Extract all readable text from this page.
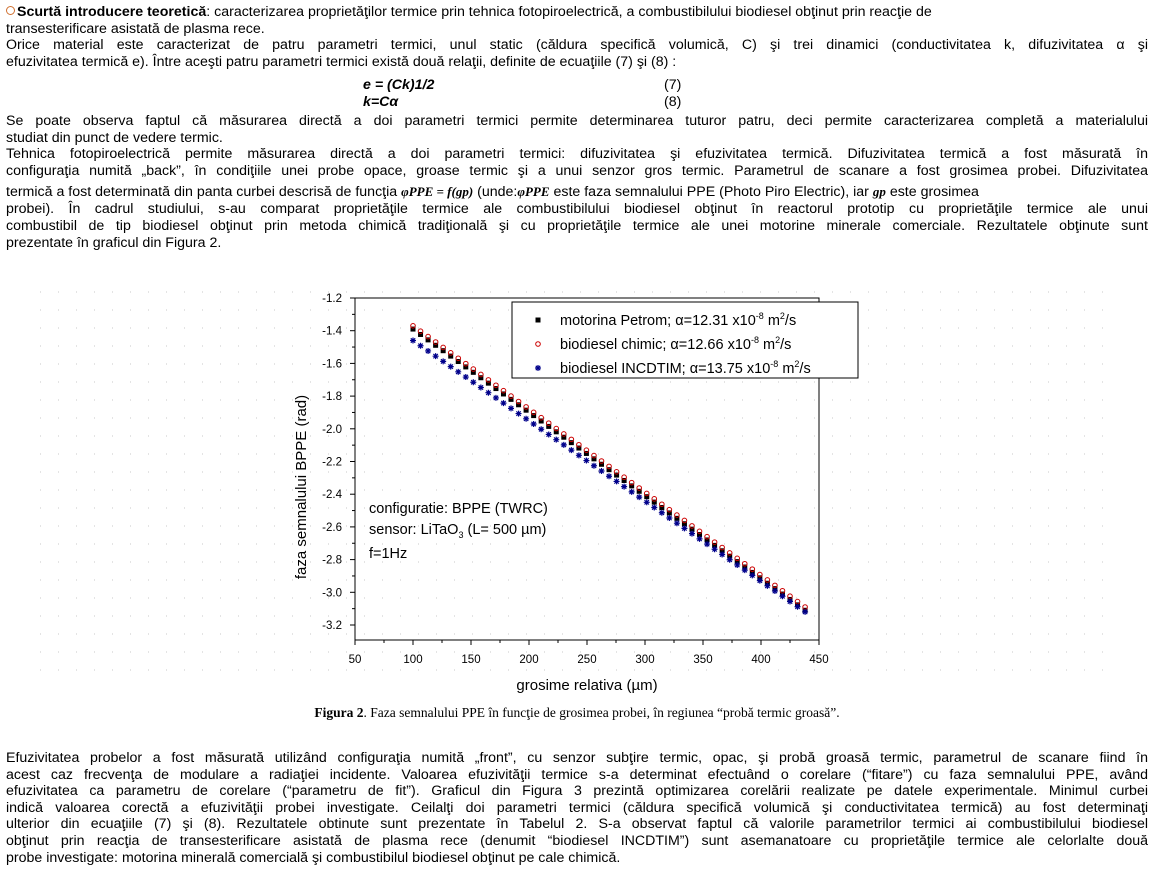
Scurtă introducere teoretică: caracterizarea proprietăţilor termice prin tehnica fotopiroelectrică, a combustibilului biodiesel obţinut prin reacţie de
transesterificare asistată de plasma rece.
Orice material este caracterizat de patru parametri termici, unul static (căldura specifică volumică, C) şi trei dinamici (conductivitatea k, difuzivitatea α şi
efuzivitatea termică e). Între aceşti patru parametri termici există două relaţii, definite de ecuaţiile (7) şi (8) :
e = (Ck)1/2	(7)
k=Cα	(8)
Se poate observa faptul că măsurarea directă a doi parametri termici permite determinarea tuturor patru, deci permite caracterizarea completă a materialului
studiat din punct de vedere termic.
Tehnica fotopiroelectrică permite măsurarea directă a doi parametri termici: difuzivitatea şi efuzivitatea termică. Difuzivitatea termică a fost măsurată în
configuraţia numită „back”, în condiţiile unei probe opace, groase termic şi a unui senzor gros termic. Parametrul de scanare a fost grosimea probei. Difuzivitatea
termică a fost determinată din panta curbei descrisă de funcţia φPPE = f(gp) (unde:φPPE este faza semnalului PPE (Photo Piro Electric), iar gp este grosimea
probei). În cadrul studiului, s-au comparat proprietăţile termice ale combustibilului biodiesel obţinut în reactorul prototip cu proprietăţile termice ale unui
combustibil de tip biodiesel obţinut prin metoda chimică tradiţională şi cu proprietăţile termice ale unei motorine minerale comerciale. Rezultatele obţinute sunt
prezentate în graficul din Figura 2.
50	100	150	200	250	300	350	400	450
-1.2
-1.4
-1.6
-1.8
-2.0
-2.2
-2.4
-2.6
-2.8
-3.0
-3.2
motorina Petrom; α=12.31 $x10^{-8}$ $m^2/s$
biodiesel chimic; α=12.66 $x10^{-8}$ $m^2/s$
biodiesel INCDTIM; α=13.75 $x10^{-8}$ $m^2/s$
configuratie: BPPE (TWRC)
sensor: LiTaO$_3$ (L= 500 µm)
f=1Hz
grosime relativa (µm)
faza semnalului BPPE (rad)
Figura 2. Faza semnalului PPE în funcţie de grosimea probei, în regiunea “probă termic groasă”.
Efuzivitatea probelor a fost măsurată utilizând configuraţia numită „front”, cu senzor subţire termic, opac, şi probă groasă termic, parametrul de scanare fiind în
acest caz frecvenţa de modulare a radiaţiei incidente. Valoarea efuzivităţii termice s-a determinat efectuând o corelare (“fitare”) cu faza semnalului PPE, având
efuzivitatea ca parametru de corelare (“parametru de fit”). Graficul din Figura 3 prezintă optimizarea corelării realizate pe datele experimentale. Minimul curbei
indică valoarea corectă a efuzivităţii probei investigate. Ceilalţi doi parametri termici (căldura specifică volumică şi conductivitatea termică) au fost determinaţi
ulterior din ecuaţiile (7) şi (8). Rezultatele obtinute sunt prezentate în Tabelul 2. S-a observat faptul că valorile parametrilor termici ai combustibilului biodiesel
obţinut prin reacţia de transesterificare asistată de plasma rece (denumit “biodiesel INCDTIM”) sunt asemanatoare cu proprietăţile termice ale celorlalte două
probe investigate: motorina minerală comercială şi combustibilul biodiesel obţinut pe cale chimică.
